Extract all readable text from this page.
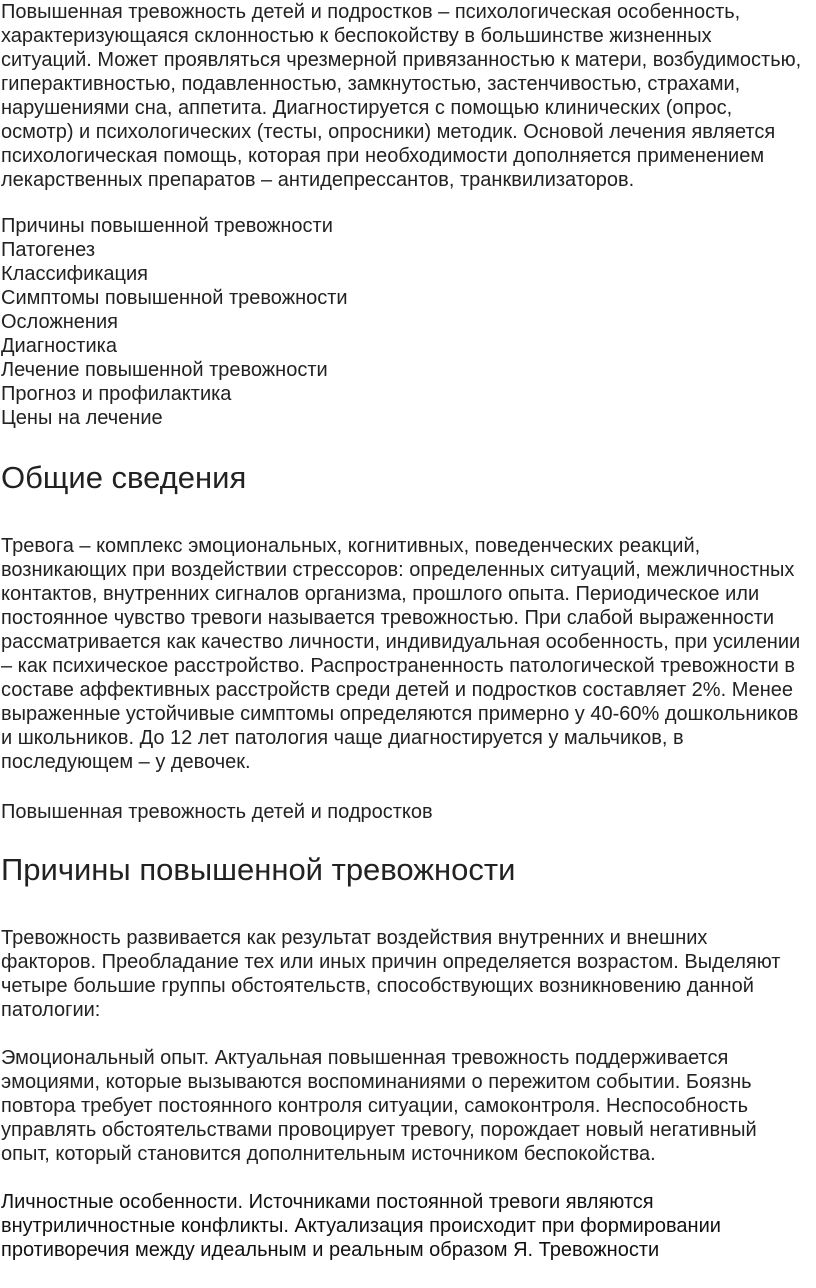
Повышенная тревожность детей и подростков – психологическая особенность, характеризующаяся склонностью к беспокойству в большинстве жизненных ситуаций. Может проявляться чрезмерной привязанностью к матери, возбудимостью, гиперактивностью, подавленностью, замкнутостью, застенчивостью, страхами, нарушениями сна, аппетита. Диагностируется с помощью клинических (опрос, осмотр) и психологических (тесты, опросники) методик. Основой лечения является психологическая помощь, которая при необходимости дополняется применением лекарственных препаратов – антидепрессантов, транквилизаторов.

Причины повышенной тревожности
Патогенез
Классификация
Симптомы повышенной тревожности
Осложнения
Диагностика
Лечение повышенной тревожности
Прогноз и профилактика
Цены на лечение
Общие сведения

Тревога – комплекс эмоциональных, когнитивных, поведенческих реакций, возникающих при воздействии стрессоров: определенных ситуаций, межличностных контактов, внутренних сигналов организма, прошлого опыта. Периодическое или постоянное чувство тревоги называется тревожностью. При слабой выраженности рассматривается как качество личности, индивидуальная особенность, при усилении – как психическое расстройство. Распространенность патологической тревожности в составе аффективных расстройств среди детей и подростков составляет 2%. Менее выраженные устойчивые симптомы определяются примерно у 40-60% дошкольников и школьников. До 12 лет патология чаще диагностируется у мальчиков, в последующем – у девочек.

Повышенная тревожность детей и подростков

Причины повышенной тревожности

Тревожность развивается как результат воздействия внутренних и внешних факторов. Преобладание тех или иных причин определяется возрастом. Выделяют четыре большие группы обстоятельств, способствующих возникновению данной патологии:

Эмоциональный опыт. Актуальная повышенная тревожность поддерживается эмоциями, которые вызываются воспоминаниями о пережитом событии. Боязнь повтора требует постоянного контроля ситуации, самоконтроля. Неспособность управлять обстоятельствами провоцирует тревогу, порождает новый негативный опыт, который становится дополнительным источником беспокойства.

Личностные особенности. Источниками постоянной тревоги являются внутриличностные конфликты. Актуализация происходит при формировании противоречия между идеальным и реальным образом Я. Тревожности
